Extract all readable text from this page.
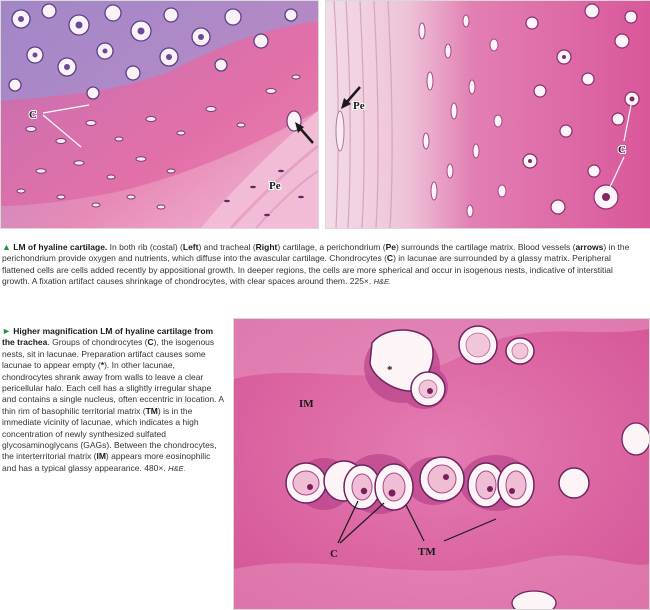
C
Pe
Pe
C
▲ LM of hyaline cartilage. In both rib (costal) (Left) and tracheal (Right) cartilage, a perichondrium (Pe) surrounds the cartilage matrix. Blood vessels (arrows) in the perichondrium provide oxygen and nutrients, which diffuse into the avascular cartilage. Chondrocytes (C) in lacunae are surrounded by a glassy matrix. Peripheral flattened cells are cells added recently by appositional growth. In deeper regions, the cells are more spherical and occur in isogenous nests, indicative of interstitial growth. A fixation artifact causes shrinkage of chondrocytes, with clear spaces around them. 225×. H&E.
► Higher magnification LM of hyaline cartilage from the trachea. Groups of chondrocytes (C), the isogenous nests, sit in lacunae. Preparation artifact causes some lacunae to appear empty (*). In other lacunae, chondrocytes shrank away from walls to leave a clear pericellular halo. Each cell has a slightly irregular shape and contains a single nucleus, often eccentric in location. A thin rim of basophilic territorial matrix (TM) is in the immediate vicinity of lacunae, which indicates a high concentration of newly synthesized sulfated glycosaminoglycans (GAGs). Between the chondrocytes, the interterritorial matrix (IM) appears more eosinophilic and has a typical glassy appearance. 480×. H&E.
*
IM
C	TM
